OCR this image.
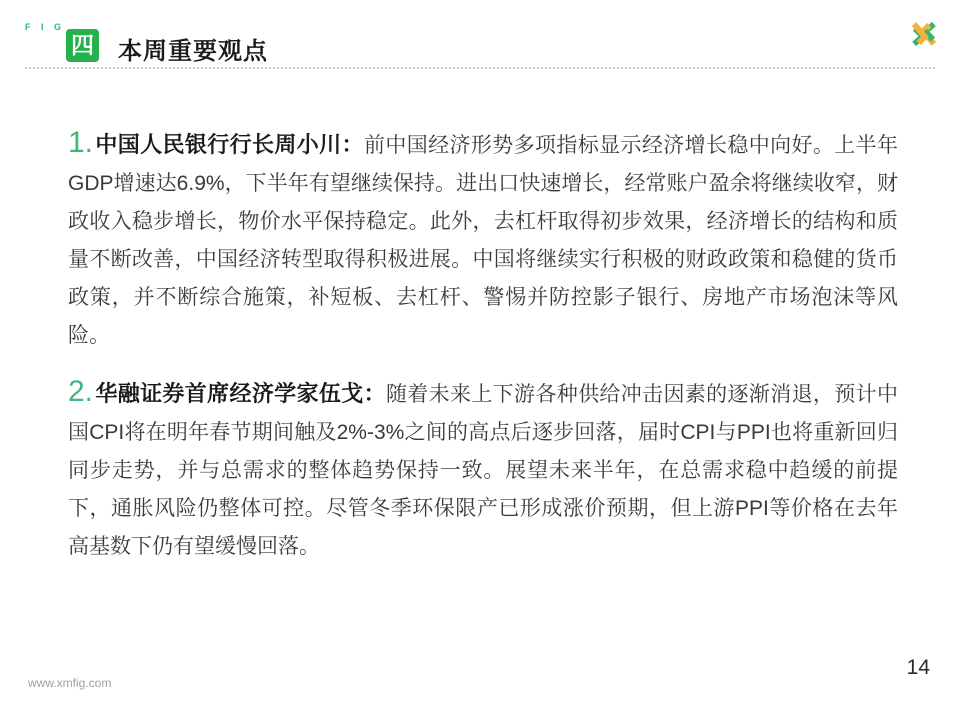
F I G
四 本周重要观点

1.中国人民银行行长周小川：前中国经济形势多项指标显示经济增长稳中向好。上半年GDP增速达6.9%，下半年有望继续保持。进出口快速增长，经常账户盈余将继续收窄，财政收入稳步增长，物价水平保持稳定。此外，去杠杆取得初步效果，经济增长的结构和质量不断改善，中国经济转型取得积极进展。中国将继续实行积极的财政政策和稳健的货币政策，并不断综合施策，补短板、去杠杆、警惕并防控影子银行、房地产市场泡沫等风险。

2.华融证券首席经济学家伍戈：随着未来上下游各种供给冲击因素的逐渐消退，预计中国CPI将在明年春节期间触及2%-3%之间的高点后逐步回落，届时CPI与PPI也将重新回归同步走势，并与总需求的整体趋势保持一致。展望未来半年，在总需求稳中趋缓的前提下，通胀风险仍整体可控。尽管冬季环保限产已形成涨价预期，但上游PPI等价格在去年高基数下仍有望缓慢回落。

www.xmfig.com
14
